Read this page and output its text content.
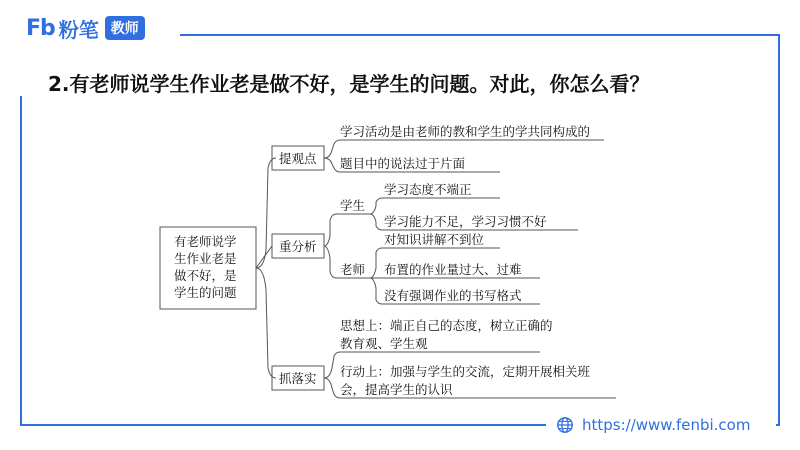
Fb 粉笔 教师
2.有老师说学生作业老是做不好，是学生的问题。对此，你怎么看？
有老师说学
生作业老是
做不好，是
学生的问题
提观点
重分析
抓落实
学习活动是由老师的教和学生的学共同构成的
题目中的说法过于片面
学生
老师
学习态度不端正
学习能力不足，学习习惯不好
对知识讲解不到位
布置的作业量过大、过难
没有强调作业的书写格式
思想上：端正自己的态度，树立正确的
教育观、学生观
行动上：加强与学生的交流，定期开展相关班
会，提高学生的认识
https://www.fenbi.com
